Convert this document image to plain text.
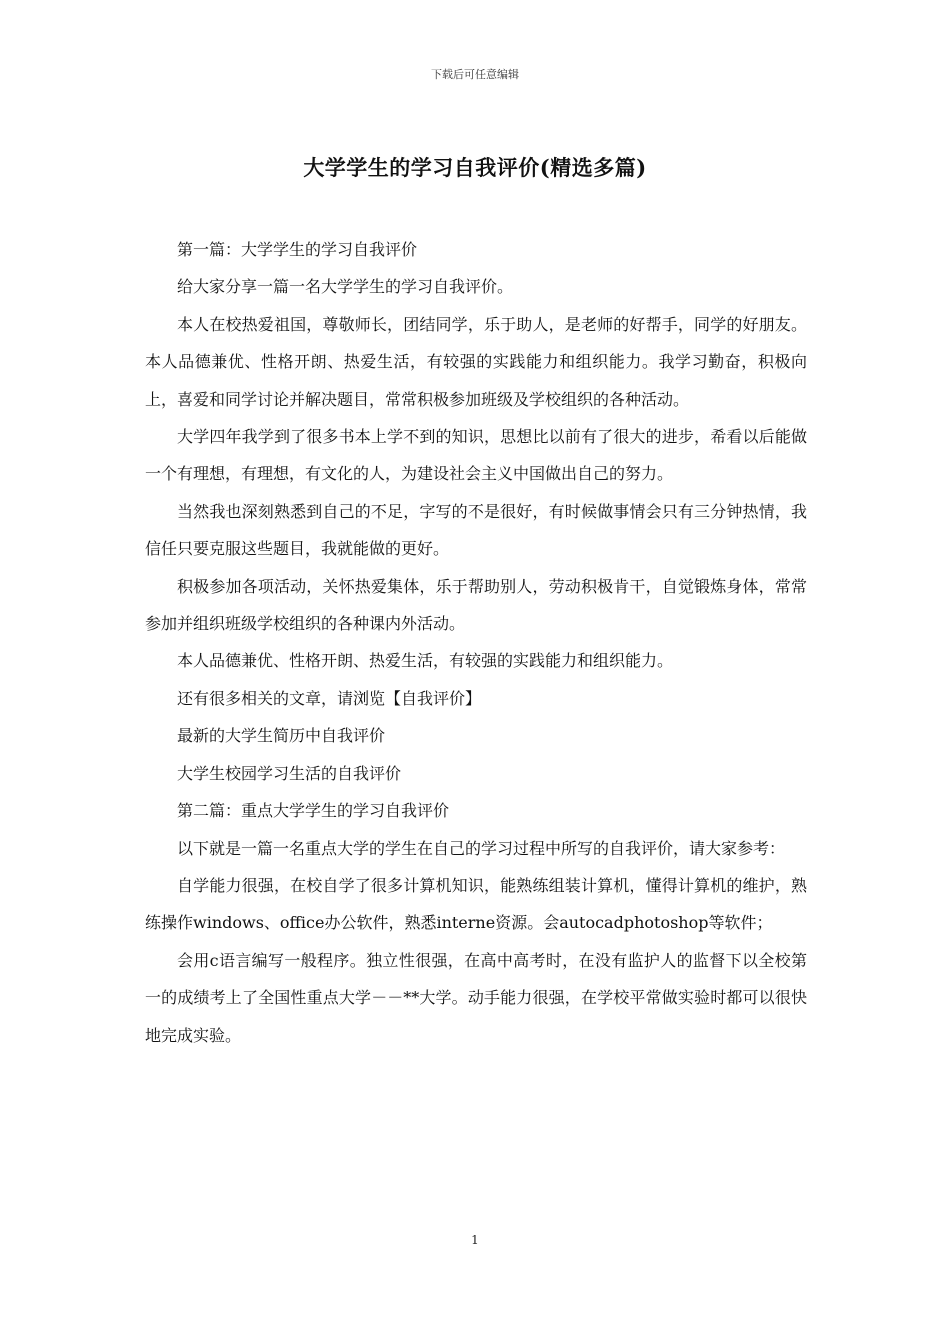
下载后可任意编辑
大学学生的学习自我评价(精选多篇)

第一篇：大学学生的学习自我评价

给大家分享一篇一名大学学生的学习自我评价。

本人在校热爱祖国，尊敬师长，团结同学，乐于助人，是老师的好帮手，同学的好朋友。本人品德兼优、性格开朗、热爱生活，有较强的实践能力和组织能力。我学习勤奋，积极向上，喜爱和同学讨论并解决题目，常常积极参加班级及学校组织的各种活动。

大学四年我学到了很多书本上学不到的知识，思想比以前有了很大的进步，希看以后能做一个有理想，有理想，有文化的人，为建设社会主义中国做出自己的努力。

当然我也深刻熟悉到自己的不足，字写的不是很好，有时候做事情会只有三分钟热情，我信任只要克服这些题目，我就能做的更好。

积极参加各项活动，关怀热爱集体，乐于帮助别人，劳动积极肯干，自觉锻炼身体，常常参加并组织班级学校组织的各种课内外活动。

本人品德兼优、性格开朗、热爱生活，有较强的实践能力和组织能力。

还有很多相关的文章，请浏览【自我评价】

最新的大学生简历中自我评价

大学生校园学习生活的自我评价

第二篇：重点大学学生的学习自我评价

以下就是一篇一名重点大学的学生在自己的学习过程中所写的自我评价，请大家参考：

自学能力很强，在校自学了很多计算机知识，能熟练组装计算机，懂得计算机的维护，熟练操作windows、office办公软件，熟悉interne资源。会autocadphotoshop等软件；

会用c语言编写一般程序。独立性很强，在高中高考时，在没有监护人的监督下以全校第一的成绩考上了全国性重点大学－－**大学。动手能力很强，在学校平常做实验时都可以很快地完成实验。

1
